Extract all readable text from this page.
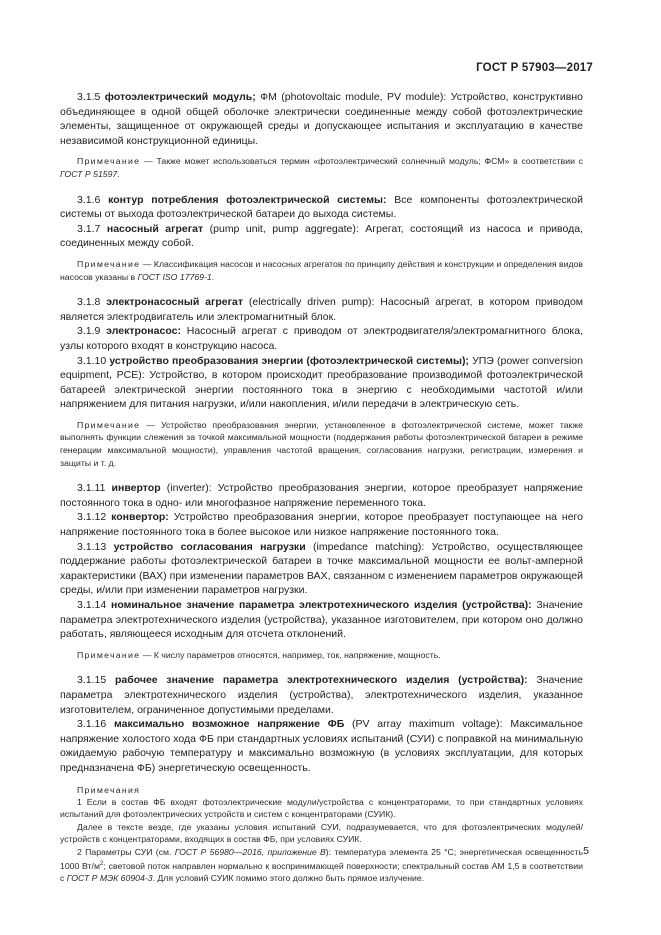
ГОСТ Р 57903—2017

3.1.5 фотоэлектрический модуль; ФМ (photovoltaic module, PV module): Устройство, конструктивно объединяющее в одной общей оболочке электрически соединенные между собой фотоэлектрические элементы, защищенное от окружающей среды и допускающее испытания и эксплуатацию в качестве независимой конструкционной единицы.

Примечание — Также может использоваться термин «фотоэлектрический солнечный модуль; ФСМ» в соответствии с ГОСТ Р 51597.

3.1.6 контур потребления фотоэлектрической системы: Все компоненты фотоэлектрической системы от выхода фотоэлектрической батареи до выхода системы.

3.1.7 насосный агрегат (pump unit, pump aggregate): Агрегат, состоящий из насоса и привода, соединенных между собой.

Примечание — Классификация насосов и насосных агрегатов по принципу действия и конструкции и определения видов насосов указаны в ГОСТ ISO 17769-1.

3.1.8 электронасосный агрегат (electrically driven pump): Насосный агрегат, в котором приводом является электродвигатель или электромагнитный блок.

3.1.9 электронасос: Насосный агрегат с приводом от электродвигателя/электромагнитного блока, узлы которого входят в конструкцию насоса.

3.1.10 устройство преобразования энергии (фотоэлектрической системы); УПЭ (power conversion equipment, PCE): Устройство, в котором происходит преобразование производимой фотоэлектрической батареей электрической энергии постоянного тока в энергию с необходимыми частотой и/или напряжением для питания нагрузки, и/или накопления, и/или передачи в электрическую сеть.

Примечание — Устройство преобразования энергии, установленное в фотоэлектрической системе, может также выполнять функции слежения за точкой максимальной мощности (поддержания работы фотоэлектрической батареи в режиме генерации максимальной мощности), управления частотой вращения, согласования нагрузки, регистрации, измерения и защиты и т. д.

3.1.11 инвертор (inverter): Устройство преобразования энергии, которое преобразует напряжение постоянного тока в одно- или многофазное напряжение переменного тока.

3.1.12 конвертор: Устройство преобразования энергии, которое преобразует поступающее на него напряжение постоянного тока в более высокое или низкое напряжение постоянного тока.

3.1.13 устройство согласования нагрузки (impedance matching): Устройство, осуществляющее поддержание работы фотоэлектрической батареи в точке максимальной мощности ее вольт-амперной характеристики (ВАХ) при изменении параметров ВАХ, связанном с изменением параметров окружающей среды, и/или при изменении параметров нагрузки.

3.1.14 номинальное значение параметра электротехнического изделия (устройства): Значение параметра электротехнического изделия (устройства), указанное изготовителем, при котором оно должно работать, являющееся исходным для отсчета отклонений.

Примечание — К числу параметров относятся, например, ток, напряжение, мощность.

3.1.15 рабочее значение параметра электротехнического изделия (устройства): Значение параметра электротехнического изделия (устройства), электротехнического изделия, указанное изготовителем, ограниченное допустимыми пределами.

3.1.16 максимально возможное напряжение ФБ (PV array maximum voltage): Максимальное напряжение холостого хода ФБ при стандартных условиях испытаний (СУИ) с поправкой на минимальную ожидаемую рабочую температуру и максимально возможную (в условиях эксплуатации, для которых предназначена ФБ) энергетическую освещенность.

Примечания

1 Если в состав ФБ входят фотоэлектрические модули/устройства с концентраторами, то при стандартных условиях испытаний для фотоэлектрических устройств и систем с концентраторами (СУИК).

Далее в тексте везде, где указаны условия испытаний СУИ, подразумевается, что для фотоэлектрических модулей/устройств с концентраторами, входящих в состав ФБ, при условиях СУИК.

2 Параметры СУИ (см. ГОСТ Р 56980—2016, приложение В): температура элемента 25 °С; энергетическая освещенность 1000 $Вт/м^2$; световой поток направлен нормально к воспринимающей поверхности; спектральный состав АМ 1,5 в соответствии с ГОСТ Р МЭК 60904-3. Для условий СУИК помимо этого должно быть прямое излучение.

5
